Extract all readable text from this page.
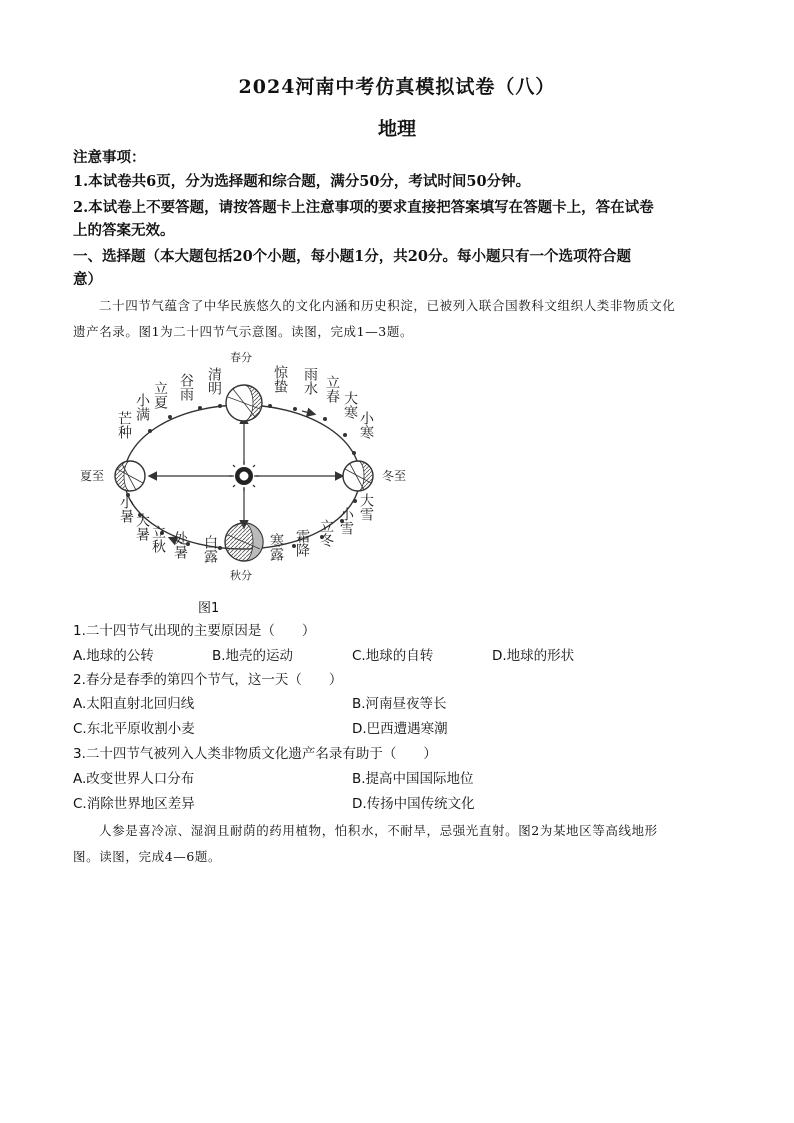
2024河南中考仿真模拟试卷（八）
地理
注意事项：
1.本试卷共6页，分为选择题和综合题，满分50分，考试时间50分钟。
2.本试卷上不要答题，请按答题卡上注意事项的要求直接把答案填写在答题卡上，答在试卷
上的答案无效。
一、选择题（本大题包括20个小题，每小题1分，共20分。每小题只有一个选项符合题
意）
二十四节气蕴含了中华民族悠久的文化内涵和历史积淀，已被列入联合国教科文组织人类非物质文化
遗产名录。图1为二十四节气示意图。读图，完成1—3题。
春分
秋分
夏至	冬至
清明
谷雨
立夏
小满
芒种
惊蛰 雨水 立春
大寒
小寒
小暑
大暑 立秋 处暑 白露	寒露 霜降 立冬 小雪 大雪
图1
1.二十四节气出现的主要原因是（　　）
A.地球的公转	B.地壳的运动	C.地球的自转	D.地球的形状
2.春分是春季的第四个节气，这一天（　　）
A.太阳直射北回归线	B.河南昼夜等长
C.东北平原收割小麦	D.巴西遭遇寒潮
3.二十四节气被列入人类非物质文化遗产名录有助于（　　）
A.改变世界人口分布	B.提高中国国际地位
C.消除世界地区差异	D.传扬中国传统文化
人参是喜冷凉、湿润且耐荫的药用植物，怕积水，不耐旱，忌强光直射。图2为某地区等高线地形
图。读图，完成4—6题。
